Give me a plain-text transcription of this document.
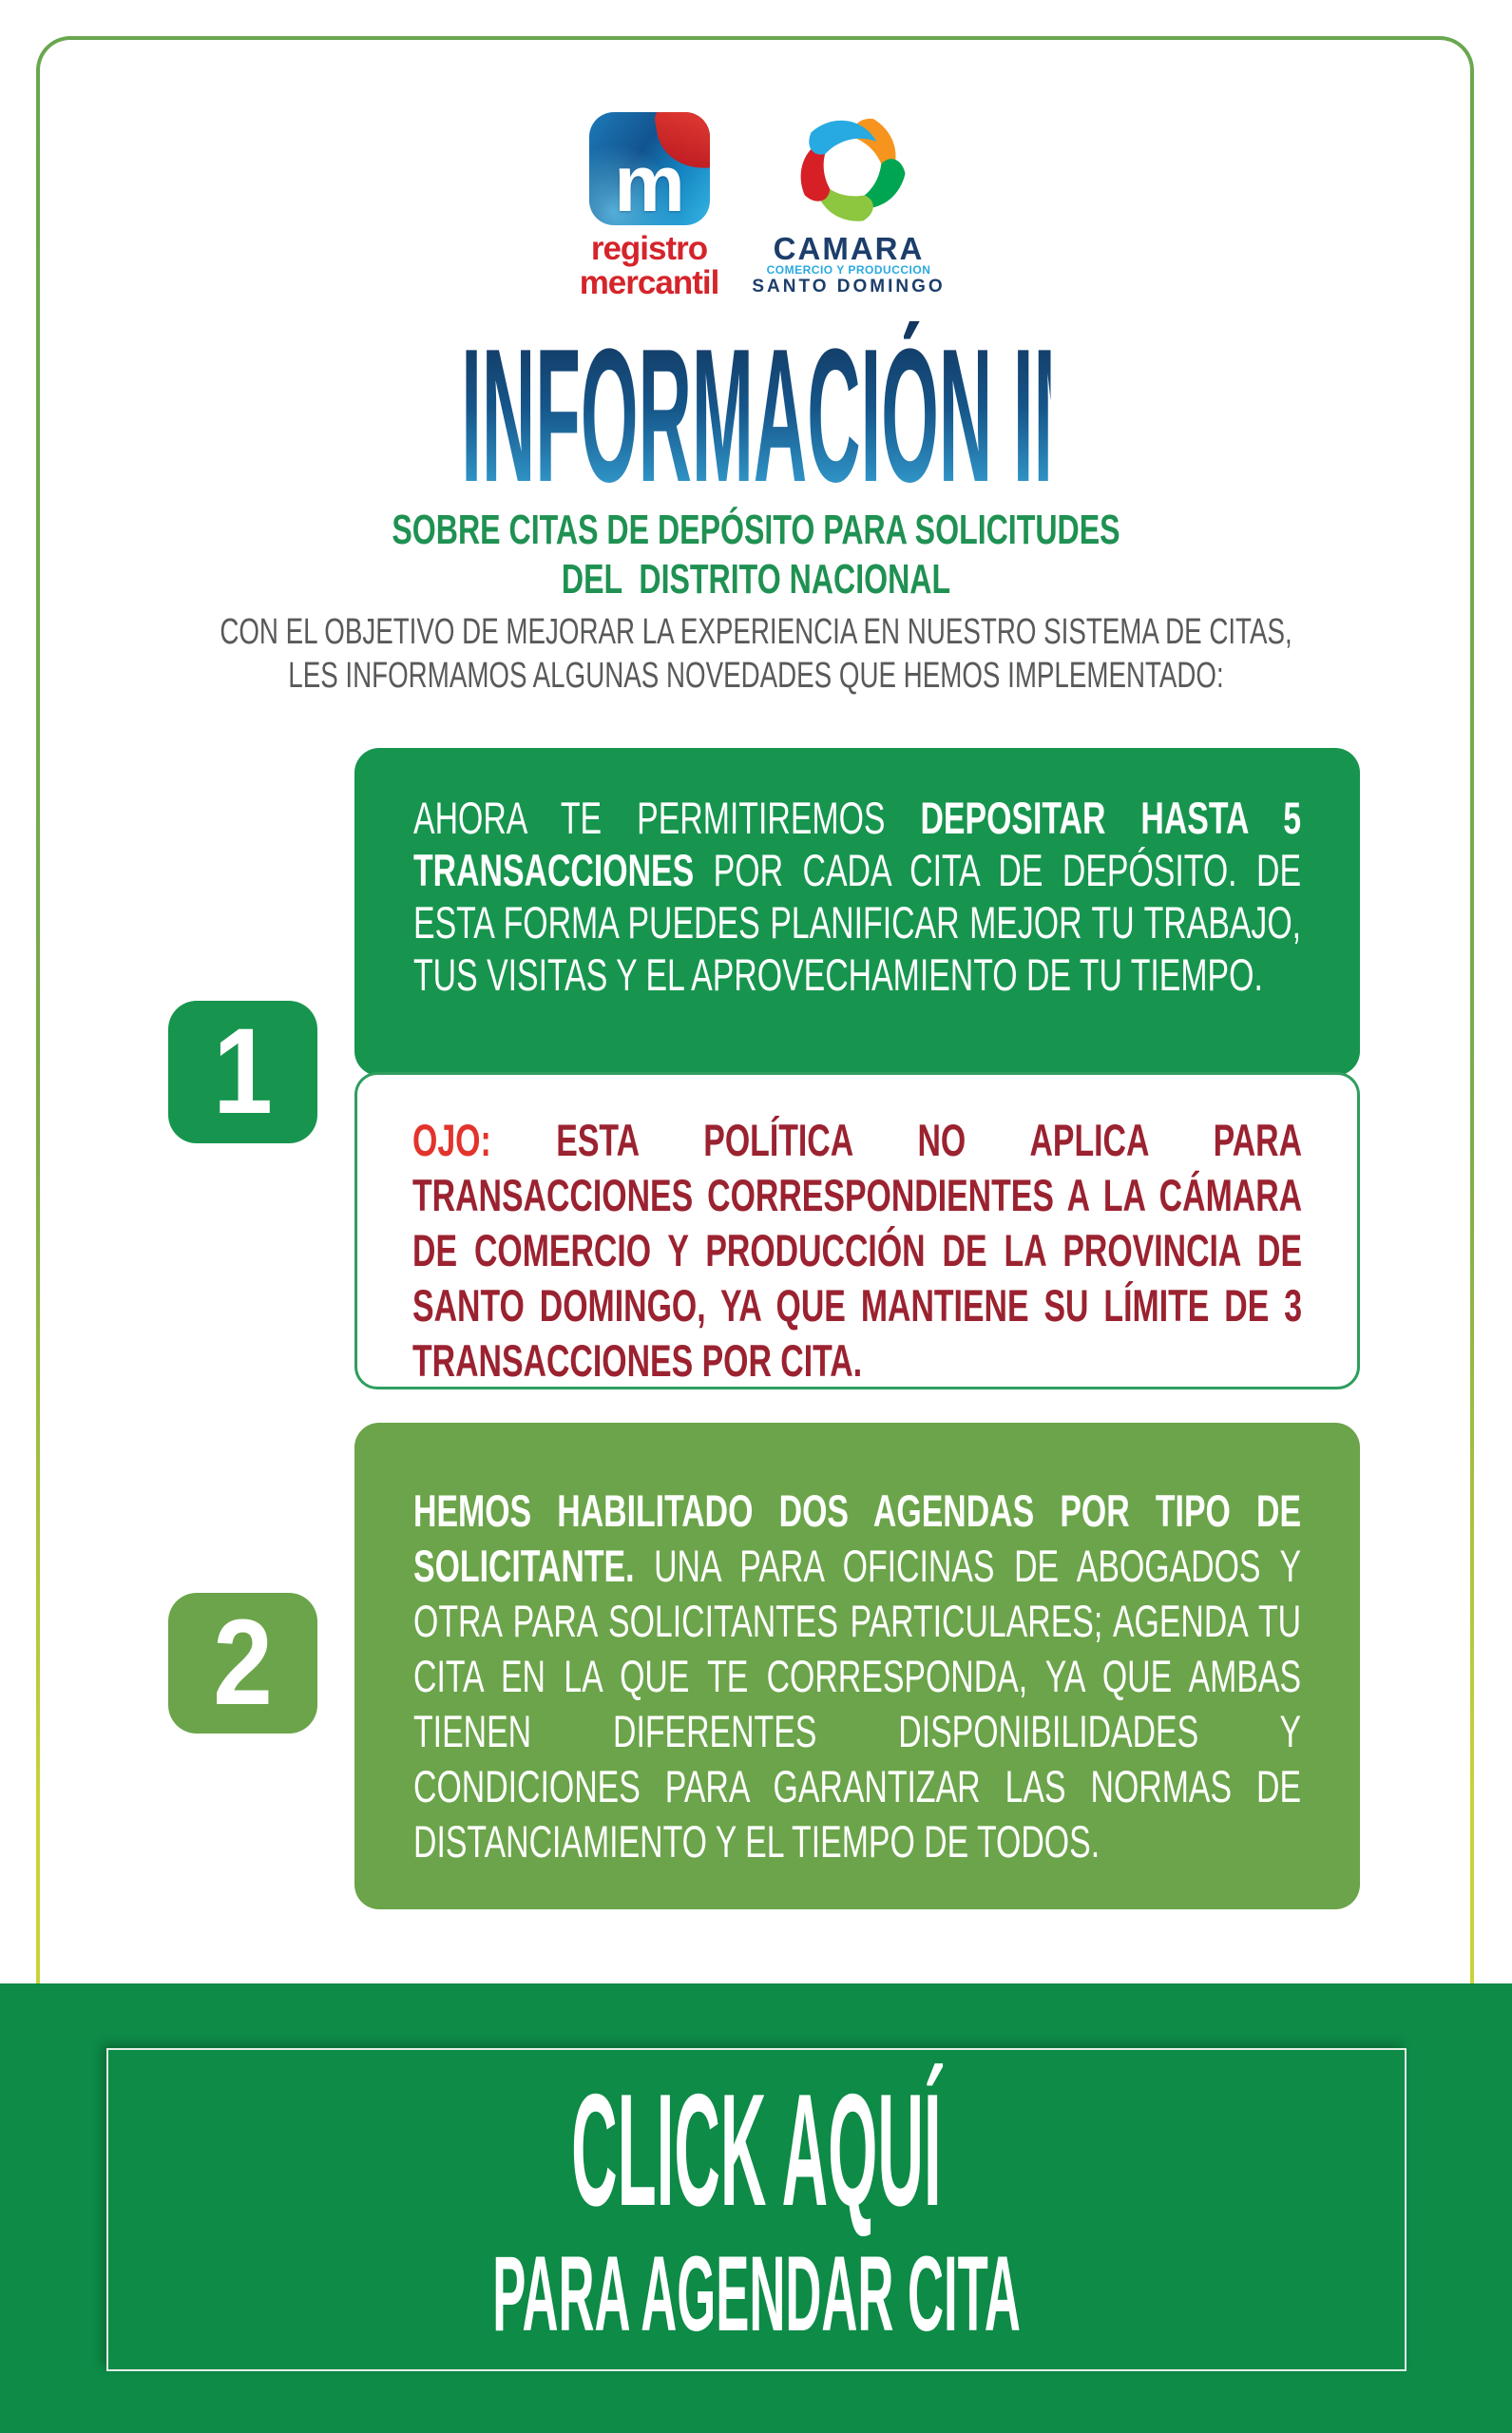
m
registro
mercantil
CAMARA
COMERCIO Y PRODUCCION
SANTO DOMINGO
INFORMACIÓN IMPORTANTE
SOBRE CITAS DE DEPÓSITO PARA SOLICITUDES
DEL  DISTRITO NACIONAL
CON EL OBJETIVO DE MEJORAR LA EXPERIENCIA EN NUESTRO SISTEMA DE CITAS,
LES INFORMAMOS ALGUNAS NOVEDADES QUE HEMOS IMPLEMENTADO:
1

AHORA TE PERMITIREMOS DEPOSITAR HASTA 5 TRANSACCIONES POR CADA CITA DE DEPÓSITO. DE ESTA FORMA PUEDES PLANIFICAR MEJOR TU TRABAJO, TUS VISITAS Y EL APROVECHAMIENTO DE TU TIEMPO.

OJO: ESTA POLÍTICA NO APLICA PARA TRANSACCIONES CORRESPONDIENTES A LA CÁMARA DE COMERCIO Y PRODUCCIÓN DE LA PROVINCIA DE SANTO DOMINGO, YA QUE MANTIENE SU LÍMITE DE 3 TRANSACCIONES POR CITA.

2

HEMOS HABILITADO DOS AGENDAS POR TIPO DE SOLICITANTE. UNA PARA OFICINAS DE ABOGADOS Y OTRA PARA SOLICITANTES PARTICULARES; AGENDA TU CITA EN LA QUE TE CORRESPONDA, YA QUE AMBAS TIENEN DIFERENTES DISPONIBILIDADES Y CONDICIONES PARA GARANTIZAR LAS NORMAS DE DISTANCIAMIENTO Y EL TIEMPO DE TODOS.

CLICK AQUÍ
PARA AGENDAR CITA
